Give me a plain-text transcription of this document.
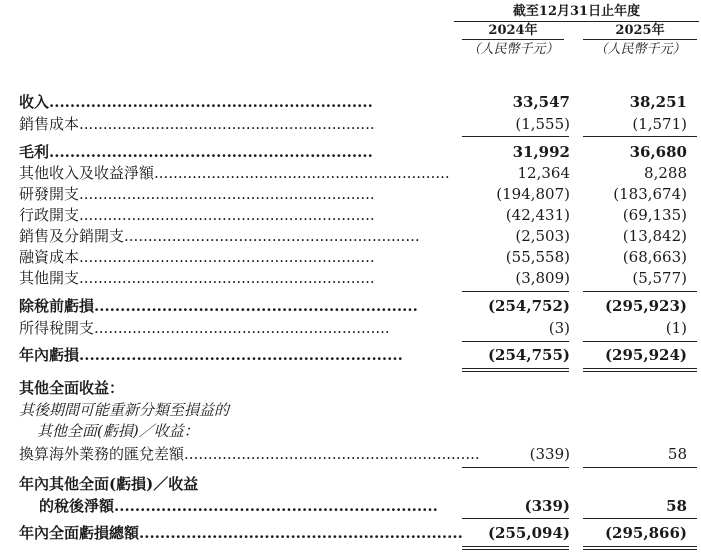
截至12月31日止年度
2024年	2025年
（人民幣千元）	（人民幣千元）
收入..............................................................	33,547	38,251
銷售成本..............................................................	(1,555)	(1,571)
毛利..............................................................	31,992	36,680
其他收入及收益淨額..............................................................	12,364	8,288
研發開支..............................................................	(194,807)	(183,674)
行政開支..............................................................	(42,431)	(69,135)
銷售及分銷開支..............................................................	(2,503)	(13,842)
融資成本..............................................................	(55,558)	(68,663)
其他開支..............................................................	(3,809)	(5,577)
除稅前虧損..............................................................	(254,752) (295,923)
所得稅開支..............................................................	(3)	(1)
年內虧損..............................................................	(254,755) (295,924)
其他全面收益：
其後期間可能重新分類至損益的
其他全面(虧損)／收益：
換算海外業務的匯兌差額..............................................................	(339)	58
年內其他全面(虧損)／收益
的稅後淨額..............................................................	(339)	58
年內全面虧損總額.............................................................. (255,094) (295,866)
